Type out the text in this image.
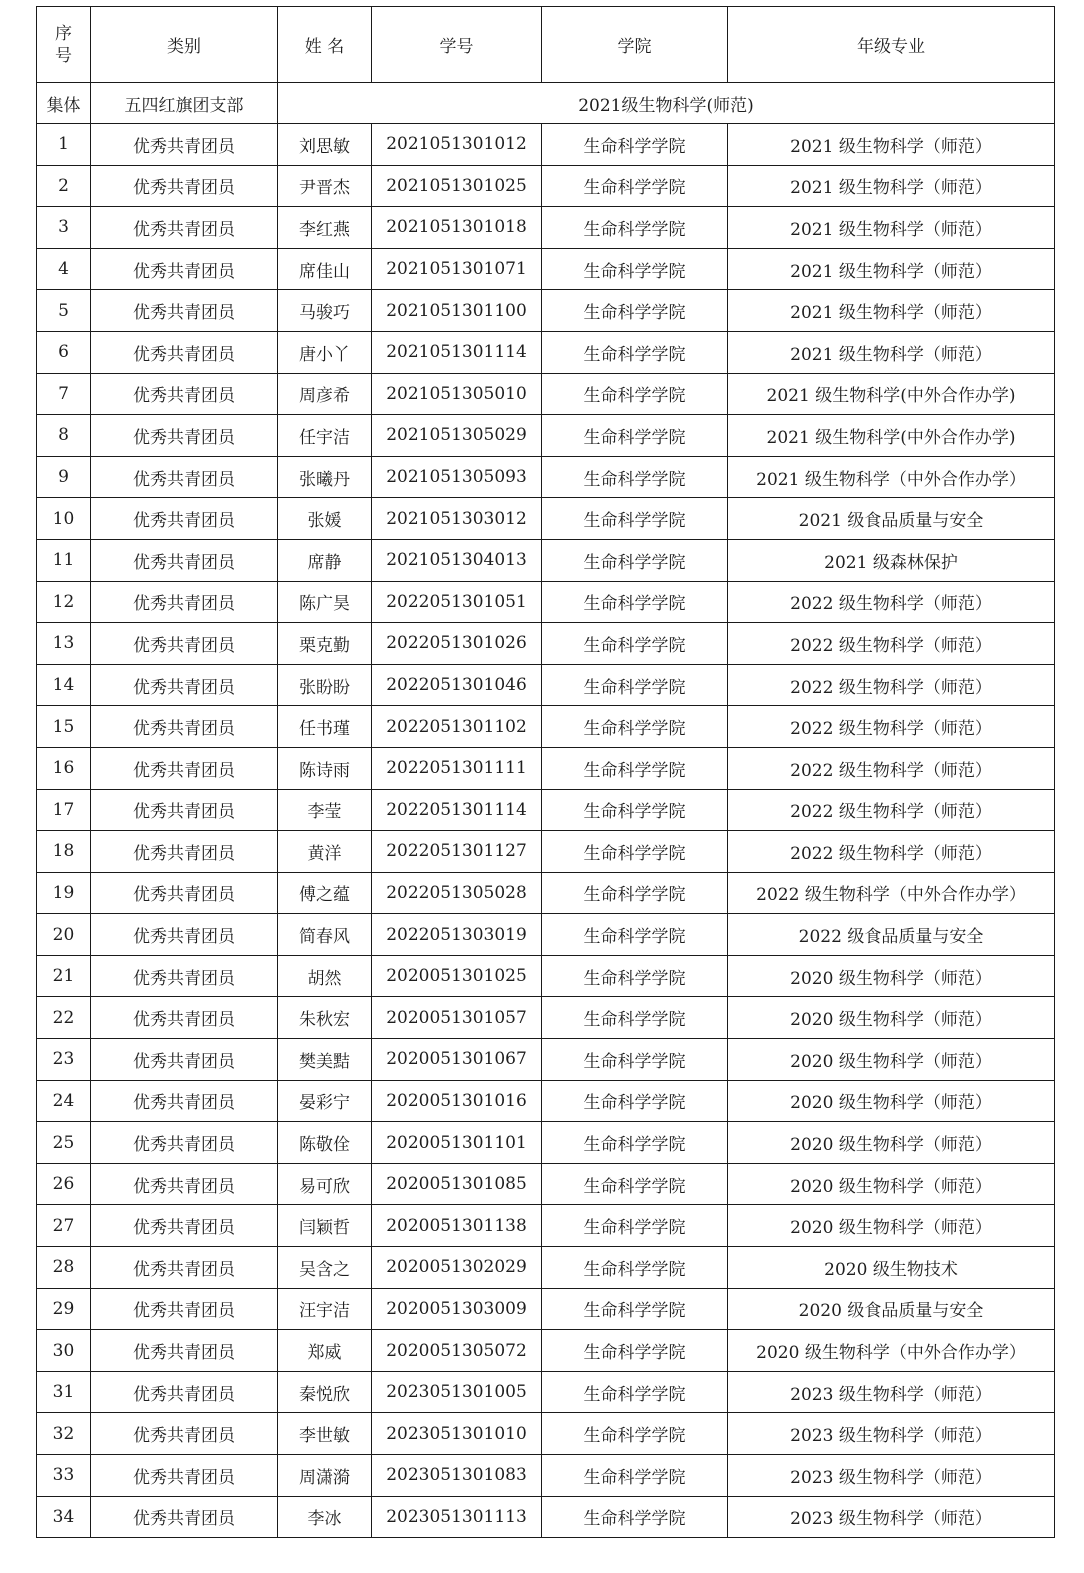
序
号	类别	姓 名	学号	学院	年级专业
集体	五四红旗团支部	2021级生物科学(师范)			
1	优秀共青团员	刘思敏	2021051301012	生命科学学院	2021 级生物科学（师范）
2	优秀共青团员	尹晋杰	2021051301025	生命科学学院	2021 级生物科学（师范）
3	优秀共青团员	李红燕	2021051301018	生命科学学院	2021 级生物科学（师范）
4	优秀共青团员	席佳山	2021051301071	生命科学学院	2021 级生物科学（师范）
5	优秀共青团员	马骏巧	2021051301100	生命科学学院	2021 级生物科学（师范）
6	优秀共青团员	唐小丫	2021051301114	生命科学学院	2021 级生物科学（师范）
7	优秀共青团员	周彦希	2021051305010	生命科学学院	2021 级生物科学(中外合作办学)
8	优秀共青团员	任宇洁	2021051305029	生命科学学院	2021 级生物科学(中外合作办学)
9	优秀共青团员	张曦丹	2021051305093	生命科学学院	2021 级生物科学（中外合作办学）
10	优秀共青团员	张媛	2021051303012	生命科学学院	2021 级食品质量与安全
11	优秀共青团员	席静	2021051304013	生命科学学院	2021 级森林保护
12	优秀共青团员	陈广昊	2022051301051	生命科学学院	2022 级生物科学（师范）
13	优秀共青团员	栗克勤	2022051301026	生命科学学院	2022 级生物科学（师范）
14	优秀共青团员	张盼盼	2022051301046	生命科学学院	2022 级生物科学（师范）
15	优秀共青团员	任书瑾	2022051301102	生命科学学院	2022 级生物科学（师范）
16	优秀共青团员	陈诗雨	2022051301111	生命科学学院	2022 级生物科学（师范）
17	优秀共青团员	李莹	2022051301114	生命科学学院	2022 级生物科学（师范）
18	优秀共青团员	黄洋	2022051301127	生命科学学院	2022 级生物科学（师范）
19	优秀共青团员	傅之蕴	2022051305028	生命科学学院	2022 级生物科学（中外合作办学）
20	优秀共青团员	简春风	2022051303019	生命科学学院	2022 级食品质量与安全
21	优秀共青团员	胡然	2020051301025	生命科学学院	2020 级生物科学（师范）
22	优秀共青团员	朱秋宏	2020051301057	生命科学学院	2020 级生物科学（师范）
23	优秀共青团员	樊美黠	2020051301067	生命科学学院	2020 级生物科学（师范）
24	优秀共青团员	晏彩宁	2020051301016	生命科学学院	2020 级生物科学（师范）
25	优秀共青团员	陈敬佺	2020051301101	生命科学学院	2020 级生物科学（师范）
26	优秀共青团员	易可欣	2020051301085	生命科学学院	2020 级生物科学（师范）
27	优秀共青团员	闫颖哲	2020051301138	生命科学学院	2020 级生物科学（师范）
28	优秀共青团员	吴含之	2020051302029	生命科学学院	2020 级生物技术
29	优秀共青团员	汪宇洁	2020051303009	生命科学学院	2020 级食品质量与安全
30	优秀共青团员	郑威	2020051305072	生命科学学院	2020 级生物科学（中外合作办学）
31	优秀共青团员	秦悦欣	2023051301005	生命科学学院	2023 级生物科学（师范）
32	优秀共青团员	李世敏	2023051301010	生命科学学院	2023 级生物科学（师范）
33	优秀共青团员	周潇漪	2023051301083	生命科学学院	2023 级生物科学（师范）
34	优秀共青团员	李冰	2023051301113	生命科学学院	2023 级生物科学（师范）
